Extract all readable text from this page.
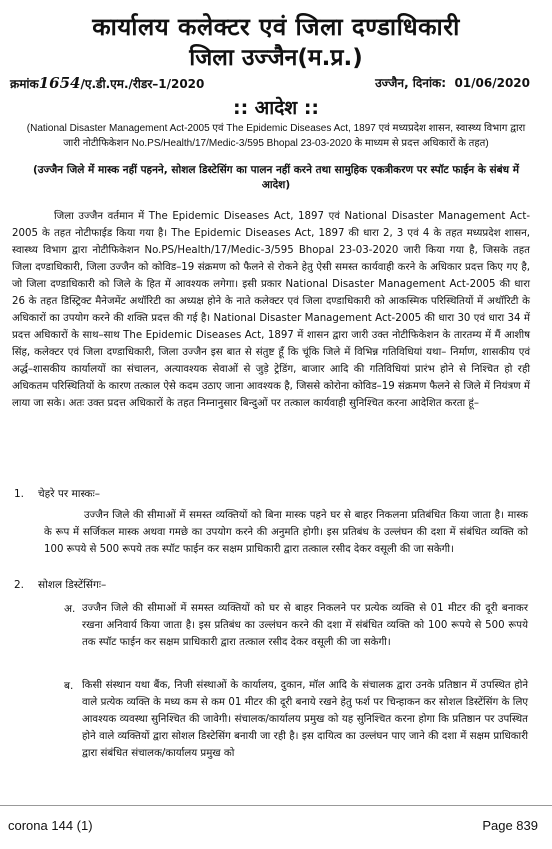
कार्यालय कलेक्टर एवं जिला दण्डाधिकारी
जिला उज्जैन(म.प्र.)
क्रमांक1654/ए.डी.एम./रीडर–1/2020	उज्जैन, दिनांक:  01/06/2020
:: आदेश ::
(National Disaster Management Act-2005 एवं The Epidemic Diseases Act, 1897 एवं मध्यप्रदेश शासन, स्वास्थ्य विभाग द्वारा जारी नोटीफिकेशन No.PS/Health/17/Medic-3/595 Bhopal 23-03-2020 के माध्यम से प्रदत्त अधिकारों के तहत)
(उज्जैन जिले में मास्क नहीं पहनने, सोशल डिस्टेसिंग का पालन नहीं करने तथा सामुहिक एकत्रीकरण पर स्पॉट फाईन के संबंध में आदेश)

जिला उज्जैन वर्तमान में The Epidemic Diseases Act, 1897 एवं National Disaster Management Act-2005 के तहत नोटीफाईड किया गया है। The Epidemic Diseases Act, 1897 की धारा 2, 3 एवं 4 के तहत मध्यप्रदेश शासन, स्वास्थ्य विभाग द्वारा नोटीफिकेशन No.PS/Health/17/Medic-3/595 Bhopal 23-03-2020 जारी किया गया है, जिसके तहत जिला दण्डाधिकारी, जिला उज्जैन को कोविड–19 संक्रमण को फैलने से रोकने हेतु ऐसी समस्त कार्यवाही करने के अधिकार प्रदत्त किए गए है, जो जिला दण्डाधिकारी को जिले के हित में आवश्यक लगेगा। इसी प्रकार National Disaster Management Act-2005 की धारा 26 के तहत डिस्ट्रिक्ट मैनेजमेंट अथॉरिटी का अध्यक्ष होने के नाते कलेक्टर एवं जिला दण्डाधिकारी को आकस्मिक परिस्थितियों में अथॉरिटी के अधिकारों का उपयोग करने की शक्ति प्रदत्त की गई है। National Disaster Management Act-2005 की धारा 30 एवं धारा 34 में प्रदत्त अधिकारों के साथ–साथ The Epidemic Diseases Act, 1897 में शासन द्वारा जारी उक्त नोटीफिकेशन के तारतम्य में मैं आशीष सिंह, कलेक्टर एवं जिला दण्डाधिकारी, जिला उज्जैन इस बात से संतुष्ट हूँ कि चूंकि जिले में विभिन्न गतिविधियां यथा– निर्माण, शासकीय एवं अर्द्ध–शासकीय कार्यालयों का संचालन, अत्यावश्यक सेवाओं से जुड़े ट्रेडिंग, बाजार आदि की गतिविधियां प्रारंभ होने से निश्चित हो रही अधिकतम परिस्थितियों के कारण तत्काल ऐसे कदम उठाए जाना आवश्यक है, जिससे कोरोना कोविड–19 संक्रमण फैलने से जिले में नियंत्रण में लाया जा सके। अतः उक्त प्रदत्त अधिकारों के तहत निम्नानुसार बिन्दुओं पर तत्काल कार्यवाही सुनिश्चित करना आदेशित करता हूं–

1. चेहरे पर मास्कः–

उज्जैन जिले की सीमाओं में समस्त व्यक्तियों को बिना मास्क पहने घर से बाहर निकलना प्रतिबंधित किया जाता है। मास्क के रूप में सर्जिकल मास्क अथवा गमछे का उपयोग करने की अनुमति होगी। इस प्रतिबंध के उल्लंघन की दशा में संबंधित व्यक्ति को 100 रूपये से 500 रूपये तक स्पॉट फाईन कर सक्षम प्राधिकारी द्वारा तत्काल रसीद देकर वसूली की जा सकेगी।

2. सोशल डिस्टेंसिंगः–
अ. उज्जैन जिले की सीमाओं में समस्त व्यक्तियों को घर से बाहर निकलने पर प्रत्येक व्यक्ति से 01 मीटर की दूरी बनाकर रखना अनिवार्य किया जाता है। इस प्रतिबंध का उल्लंघन करने की दशा में संबंधित व्यक्ति को 100 रूपये से 500 रूपये तक स्पॉट फाईन कर सक्षम प्राधिकारी द्वारा तत्काल रसीद देकर वसूली की जा सकेगी।

ब. किसी संस्थान यथा बैंक, निजी संस्थाओं के कार्यालय, दुकान, मॉल आदि के संचालक द्वारा उनके प्रतिष्ठान में उपस्थित होने वाले प्रत्येक व्यक्ति के मध्य कम से कम 01 मीटर की दूरी बनाये रखने हेतु फर्श पर चिन्हाकन कर सोशल डिस्टेंसिंग के लिए आवश्यक व्यवस्था सुनिश्चित की जावेगी। संचालक/कार्यालय प्रमुख को यह सुनिश्चित करना होगा कि प्रतिष्ठान पर उपस्थित होने वाले व्यक्तियों द्वारा सोशल डिस्टेसिंग बनायी जा रही है। इस दायित्व का उल्लंघन पाए जाने की दशा में सक्षम प्राधिकारी द्वारा संबंधित संचालक/कार्यालय प्रमुख को

corona 144 (1)	Page 839
